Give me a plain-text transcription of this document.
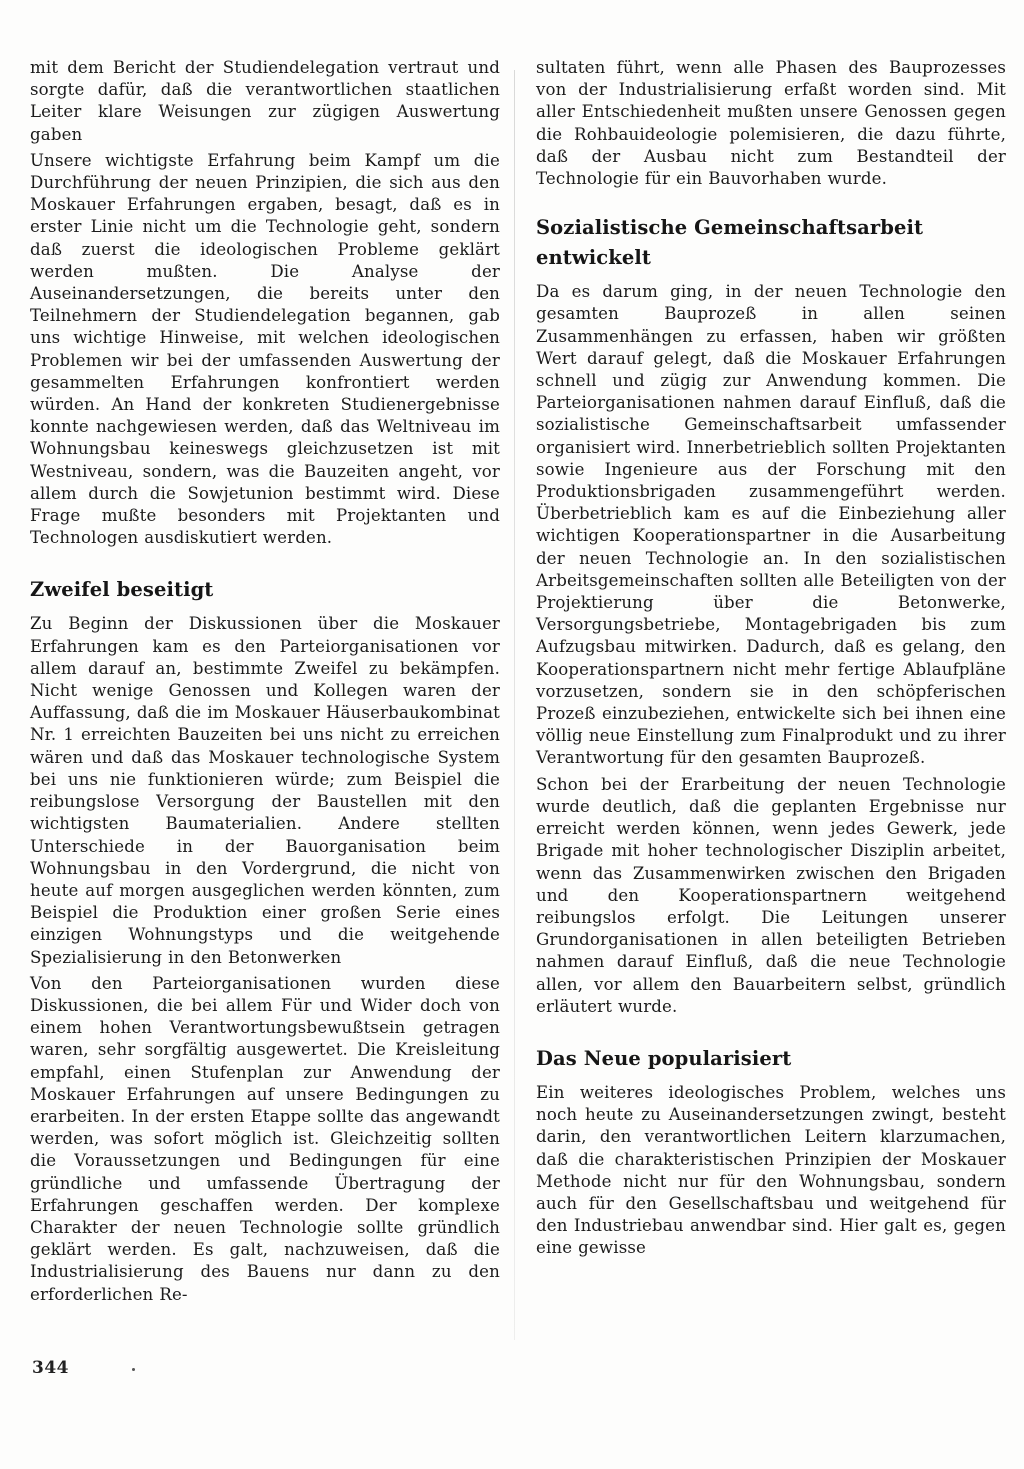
mit dem Bericht der Studiendelegation vertraut und sorgte dafür, daß die verantwortlichen staatlichen Leiter klare Weisungen zur zügigen Auswertung gaben

Unsere wichtigste Erfahrung beim Kampf um die Durchführung der neuen Prinzipien, die sich aus den Moskauer Erfahrungen ergaben, besagt, daß es in erster Linie nicht um die Technologie geht, sondern daß zuerst die ideologischen Probleme geklärt werden mußten. Die Analyse der Auseinandersetzungen, die bereits unter den Teilnehmern der Studiendelegation begannen, gab uns wichtige Hinweise, mit welchen ideologischen Problemen wir bei der umfassenden Auswertung der gesammelten Erfahrungen konfrontiert werden würden. An Hand der konkreten Studienergebnisse konnte nachgewiesen werden, daß das Weltniveau im Wohnungsbau keineswegs gleichzusetzen ist mit Westniveau, sondern, was die Bauzeiten angeht, vor allem durch die Sowjetunion bestimmt wird. Diese Frage mußte besonders mit Projektanten und Technologen ausdiskutiert werden.

Zweifel beseitigt

Zu Beginn der Diskussionen über die Moskauer Erfahrungen kam es den Parteiorganisationen vor allem darauf an, bestimmte Zweifel zu bekämpfen. Nicht wenige Genossen und Kollegen waren der Auffassung, daß die im Moskauer Häuserbaukombinat Nr. 1 erreichten Bauzeiten bei uns nicht zu erreichen wären und daß das Moskauer technologische System bei uns nie funktionieren würde; zum Beispiel die reibungslose Versorgung der Baustellen mit den wichtigsten Baumaterialien. Andere stellten Unterschiede in der Bauorganisation beim Wohnungsbau in den Vordergrund, die nicht von heute auf morgen ausgeglichen werden könnten, zum Beispiel die Produktion einer großen Serie eines einzigen Wohnungstyps und die weitgehende Spezialisierung in den Betonwerken

Von den Parteiorganisationen wurden diese Diskussionen, die bei allem Für und Wider doch von einem hohen Verantwortungsbewußtsein getragen waren, sehr sorgfältig ausgewertet. Die Kreisleitung empfahl, einen Stufenplan zur Anwendung der Moskauer Erfahrungen auf unsere Bedingungen zu erarbeiten. In der ersten Etappe sollte das angewandt werden, was sofort möglich ist. Gleichzeitig sollten die Voraussetzungen und Bedingungen für eine gründliche und umfassende Übertragung der Erfahrungen geschaffen werden. Der komplexe Charakter der neuen Technologie sollte gründlich geklärt werden. Es galt, nachzuweisen, daß die Industrialisierung des Bauens nur dann zu den erforderlichen Re-

sultaten führt, wenn alle Phasen des Bauprozesses von der Industrialisierung erfaßt worden sind. Mit aller Entschiedenheit mußten unsere Genossen gegen die Rohbauideologie polemisieren, die dazu führte, daß der Ausbau nicht zum Bestandteil der Technologie für ein Bauvorhaben wurde.

Sozialistische Gemeinschaftsarbeit entwickelt

Da es darum ging, in der neuen Technologie den gesamten Bauprozeß in allen seinen Zusammenhängen zu erfassen, haben wir größten Wert darauf gelegt, daß die Moskauer Erfahrungen schnell und zügig zur Anwendung kommen. Die Parteiorganisationen nahmen darauf Einfluß, daß die sozialistische Gemeinschaftsarbeit umfassender organisiert wird. Innerbetrieblich sollten Projektanten sowie Ingenieure aus der Forschung mit den Produktionsbrigaden zusammengeführt werden. Überbetrieblich kam es auf die Einbeziehung aller wichtigen Kooperationspartner in die Ausarbeitung der neuen Technologie an. In den sozialistischen Arbeitsgemeinschaften sollten alle Beteiligten von der Projektierung über die Betonwerke, Versorgungsbetriebe, Montagebrigaden bis zum Aufzugsbau mitwirken. Dadurch, daß es gelang, den Kooperationspartnern nicht mehr fertige Ablaufpläne vorzusetzen, sondern sie in den schöpferischen Prozeß einzubeziehen, entwickelte sich bei ihnen eine völlig neue Einstellung zum Finalprodukt und zu ihrer Verantwortung für den gesamten Bauprozeß.

Schon bei der Erarbeitung der neuen Technologie wurde deutlich, daß die geplanten Ergebnisse nur erreicht werden können, wenn jedes Gewerk, jede Brigade mit hoher technologischer Disziplin arbeitet, wenn das Zusammenwirken zwischen den Brigaden und den Kooperationspartnern weitgehend reibungslos erfolgt. Die Leitungen unserer Grundorganisationen in allen beteiligten Betrieben nahmen darauf Einfluß, daß die neue Technologie allen, vor allem den Bauarbeitern selbst, gründlich erläutert wurde.

Das Neue popularisiert

Ein weiteres ideologisches Problem, welches uns noch heute zu Auseinandersetzungen zwingt, besteht darin, den verantwortlichen Leitern klarzumachen, daß die charakteristischen Prinzipien der Moskauer Methode nicht nur für den Wohnungsbau, sondern auch für den Gesellschaftsbau und weitgehend für den Industriebau anwendbar sind. Hier galt es, gegen eine gewisse

344
